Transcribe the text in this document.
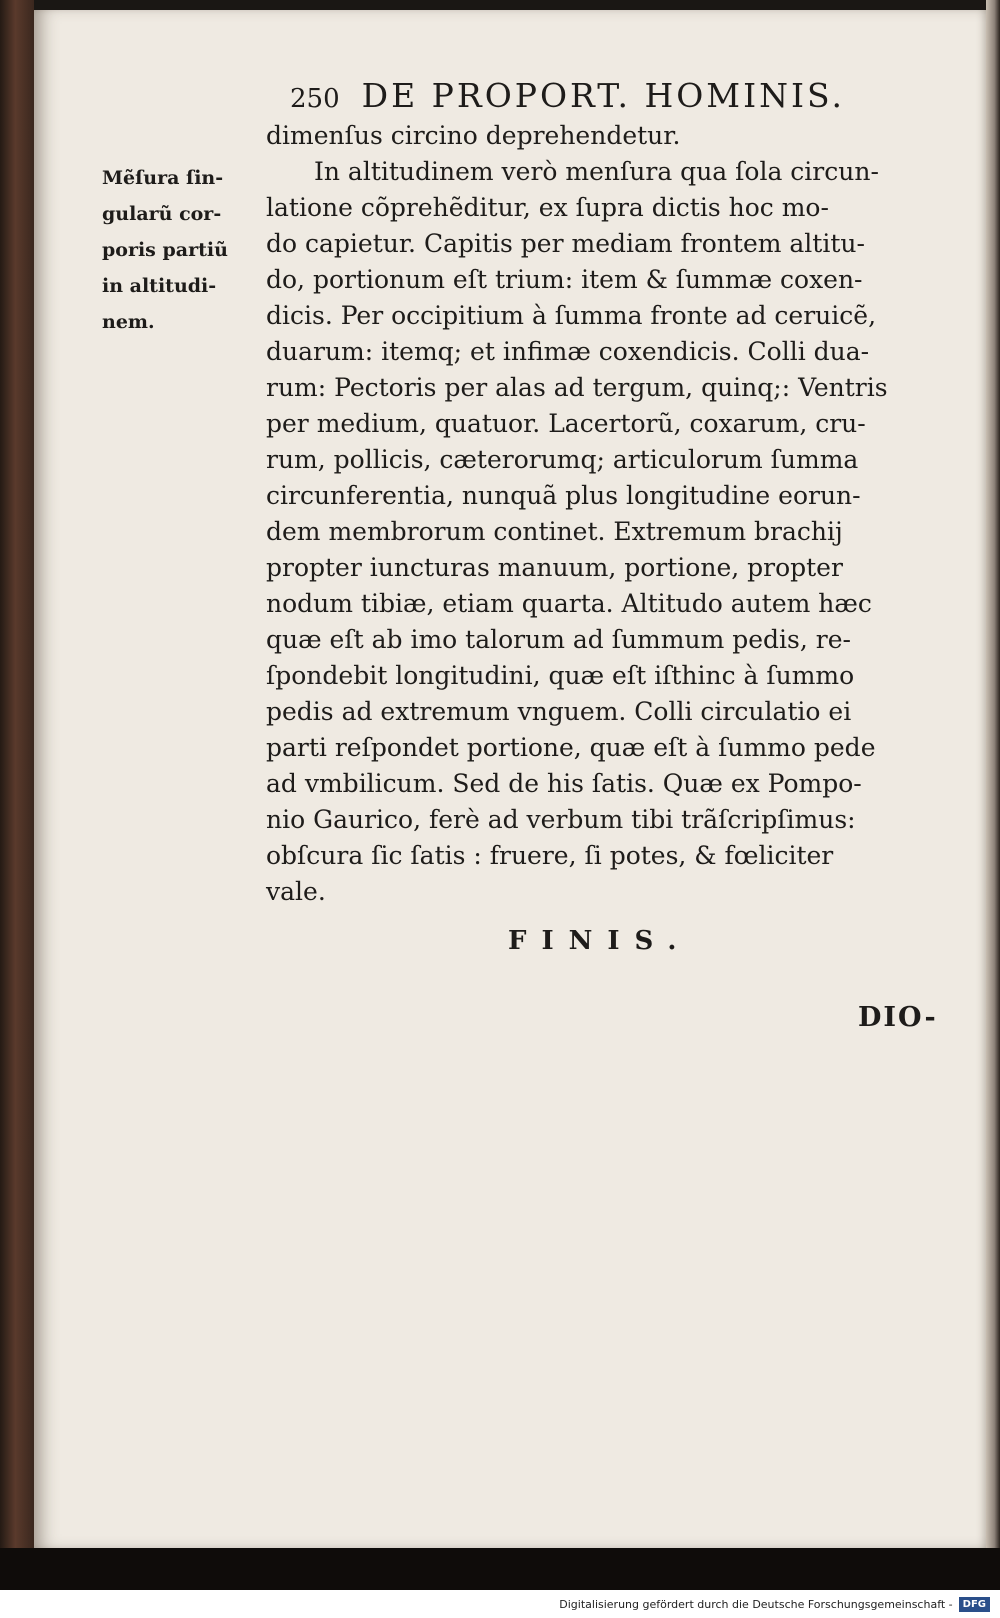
250 DE PROPORT. HOMINIS.
Mẽſura ſin-
gularũ cor-
poris partiũ
in altitudi-
nem.
dimenſus circino deprehendetur.
In altitudinem verò menſura qua ſola circun-
latione cõprehẽditur, ex ſupra dictis hoc mo-
do capietur. Capitis per mediam frontem altitu-
do, portionum eſt trium: item & ſummæ coxen-
dicis. Per occipitium à ſumma fronte ad ceruicẽ,
duarum: itemq; et infimæ coxendicis. Colli dua-
rum: Pectoris per alas ad tergum, quinq;: Ventris
per medium, quatuor. Lacertorũ, coxarum, cru-
rum, pollicis, cæterorumq; articulorum ſumma
circunferentia, nunquã plus longitudine eorun-
dem membrorum continet. Extremum brachij
propter iuncturas manuum, portione, propter
nodum tibiæ, etiam quarta. Altitudo autem hæc
quæ eſt ab imo talorum ad ſummum pedis, re-
ſpondebit longitudini, quæ eſt iſthinc à ſummo
pedis ad extremum vnguem. Colli circulatio ei
parti reſpondet portione, quæ eſt à ſummo pede
ad vmbilicum. Sed de his ſatis. Quæ ex Pompo-
nio Gaurico, ferè ad verbum tibi trãſcripſimus:
obſcura ſic ſatis : fruere, ſi potes, & fœliciter
vale.
FINIS.
DIO-
Digitalisierung gefördert durch die Deutsche Forschungsgemeinschaft -	DFG
